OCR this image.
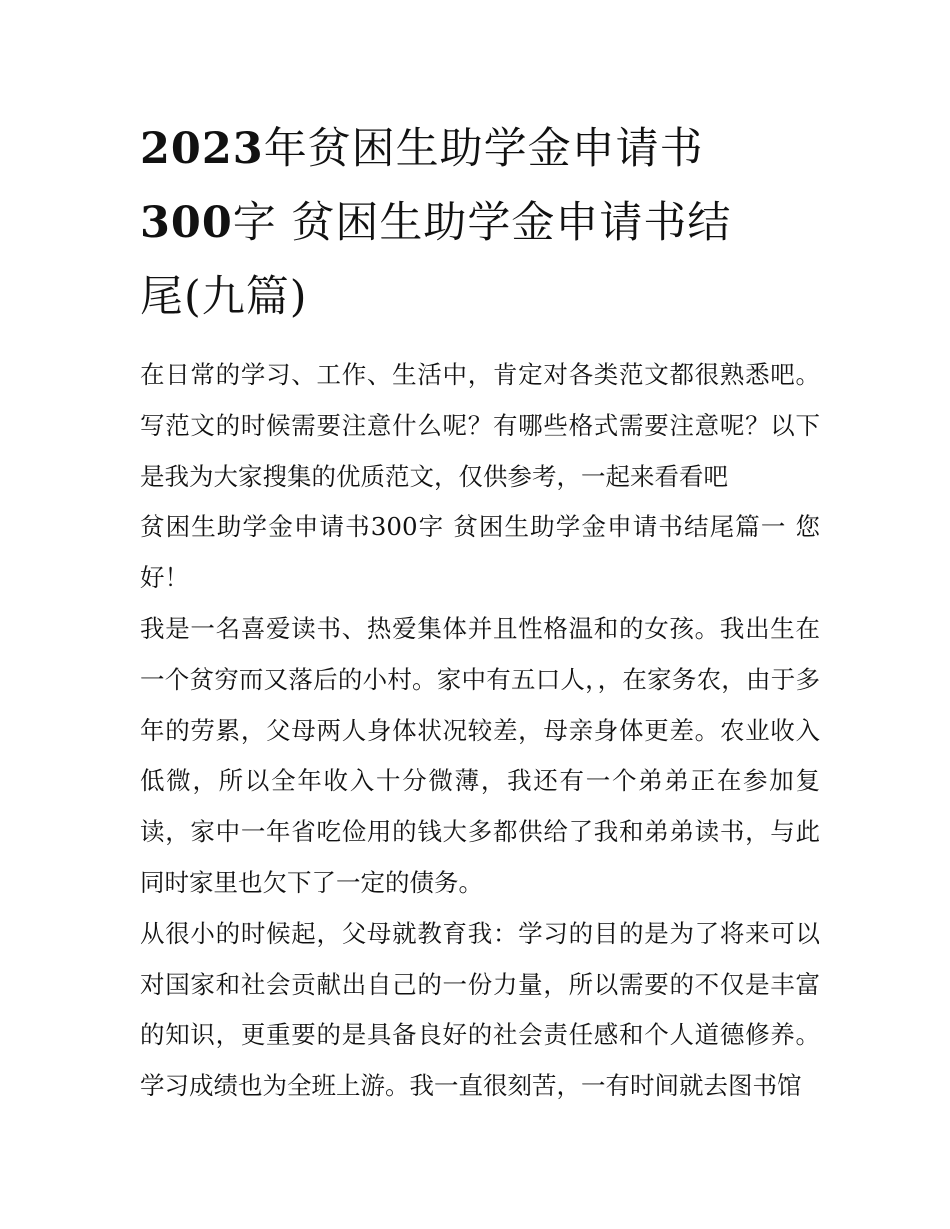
2023年贫困生助学金申请书
300字 贫困生助学金申请书结
尾(九篇)

在日常的学习、工作、生活中，肯定对各类范文都很熟悉吧。写范文的时候需要注意什么呢？有哪些格式需要注意呢？以下是我为大家搜集的优质范文，仅供参考，一起来看看吧

贫困生助学金申请书300字 贫困生助学金申请书结尾篇一 您好！

我是一名喜爱读书、热爱集体并且性格温和的女孩。我出生在一个贫穷而又落后的小村。家中有五口人，，在家务农，由于多年的劳累，父母两人身体状况较差，母亲身体更差。农业收入低微，所以全年收入十分微薄，我还有一个弟弟正在参加复读，家中一年省吃俭用的钱大多都供给了我和弟弟读书，与此同时家里也欠下了一定的债务。

从很小的时候起，父母就教育我：学习的目的是为了将来可以对国家和社会贡献出自己的一份力量，所以需要的不仅是丰富的知识，更重要的是具备良好的社会责任感和个人道德修养。学习成绩也为全班上游。我一直很刻苦，一有时间就去图书馆
